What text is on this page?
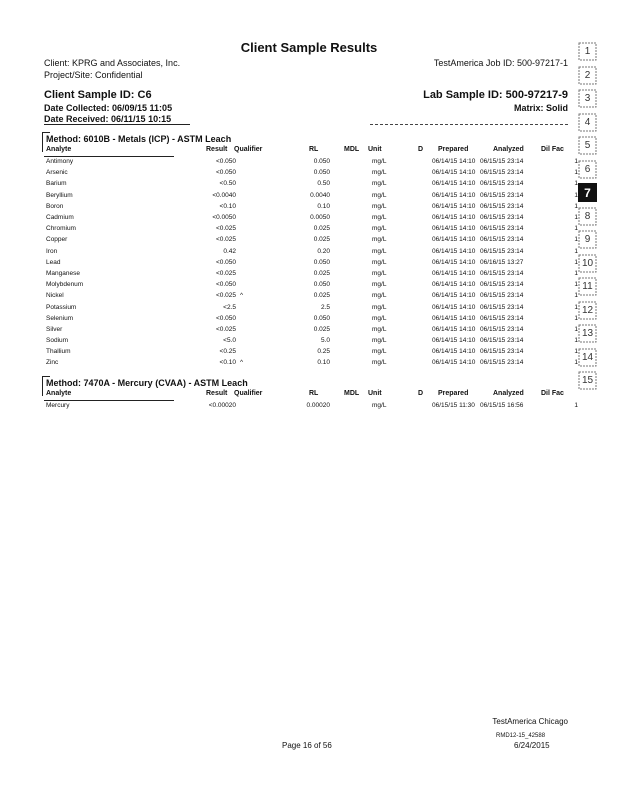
Client Sample Results
Client: KPRG and Associates, Inc.
Project/Site: Confidential
TestAmerica Job ID: 500-97217-1
Client Sample ID: C6	Lab Sample ID: 500-97217-9
Date Collected: 06/09/15 11:05	Matrix: Solid
Date Received: 06/11/15 10:15
Method: 6010B - Metals (ICP) - ASTM Leach
Analyte	Result Qualifier	RL	MDL Unit	D Prepared	Analyzed Dil Fac
Antimony	<0.050		0.050		mg/L		06/14/15 14:10	06/15/15 23:14	1
Arsenic	<0.050		0.050		mg/L		06/14/15 14:10	06/15/15 23:14	1
Barium	<0.50		0.50		mg/L		06/14/15 14:10	06/15/15 23:14	1
Beryllium	<0.0040		0.0040		mg/L		06/14/15 14:10	06/15/15 23:14	1
Boron	<0.10		0.10		mg/L		06/14/15 14:10	06/15/15 23:14	1
Cadmium	<0.0050		0.0050		mg/L		06/14/15 14:10	06/15/15 23:14	1
Chromium	<0.025		0.025		mg/L		06/14/15 14:10	06/15/15 23:14	1
Copper	<0.025		0.025		mg/L		06/14/15 14:10	06/15/15 23:14	1
Iron	0.42		0.20		mg/L		06/14/15 14:10	06/15/15 23:14	1
Lead	<0.050		0.050		mg/L		06/14/15 14:10	06/16/15 13:27	1
Manganese	<0.025		0.025		mg/L		06/14/15 14:10	06/15/15 23:14	1
Molybdenum	<0.050		0.050		mg/L		06/14/15 14:10	06/15/15 23:14	1
Nickel	<0.025	^	0.025		mg/L		06/14/15 14:10	06/15/15 23:14	1
Potassium	<2.5		2.5		mg/L		06/14/15 14:10	06/15/15 23:14	1
Selenium	<0.050		0.050		mg/L		06/14/15 14:10	06/15/15 23:14	1
Silver	<0.025		0.025		mg/L		06/14/15 14:10	06/15/15 23:14	1
Sodium	<5.0		5.0		mg/L		06/14/15 14:10	06/15/15 23:14	1
Thallium	<0.25		0.25		mg/L		06/14/15 14:10	06/15/15 23:14	1
Zinc	<0.10	^	0.10		mg/L		06/14/15 14:10	06/15/15 23:14	1
Method: 7470A - Mercury (CVAA) - ASTM Leach
Analyte	Result Qualifier	RL	MDL Unit	D Prepared	Analyzed Dil Fac
Mercury	<0.00020		0.00020		mg/L		06/15/15 11:30	06/15/15 16:56	1
1
2
3
4
5
6
7
8
9
10
11
12
13
14
15
TestAmerica Chicago
Page 16 of 56
RMD12-15_42588
6/24/2015
